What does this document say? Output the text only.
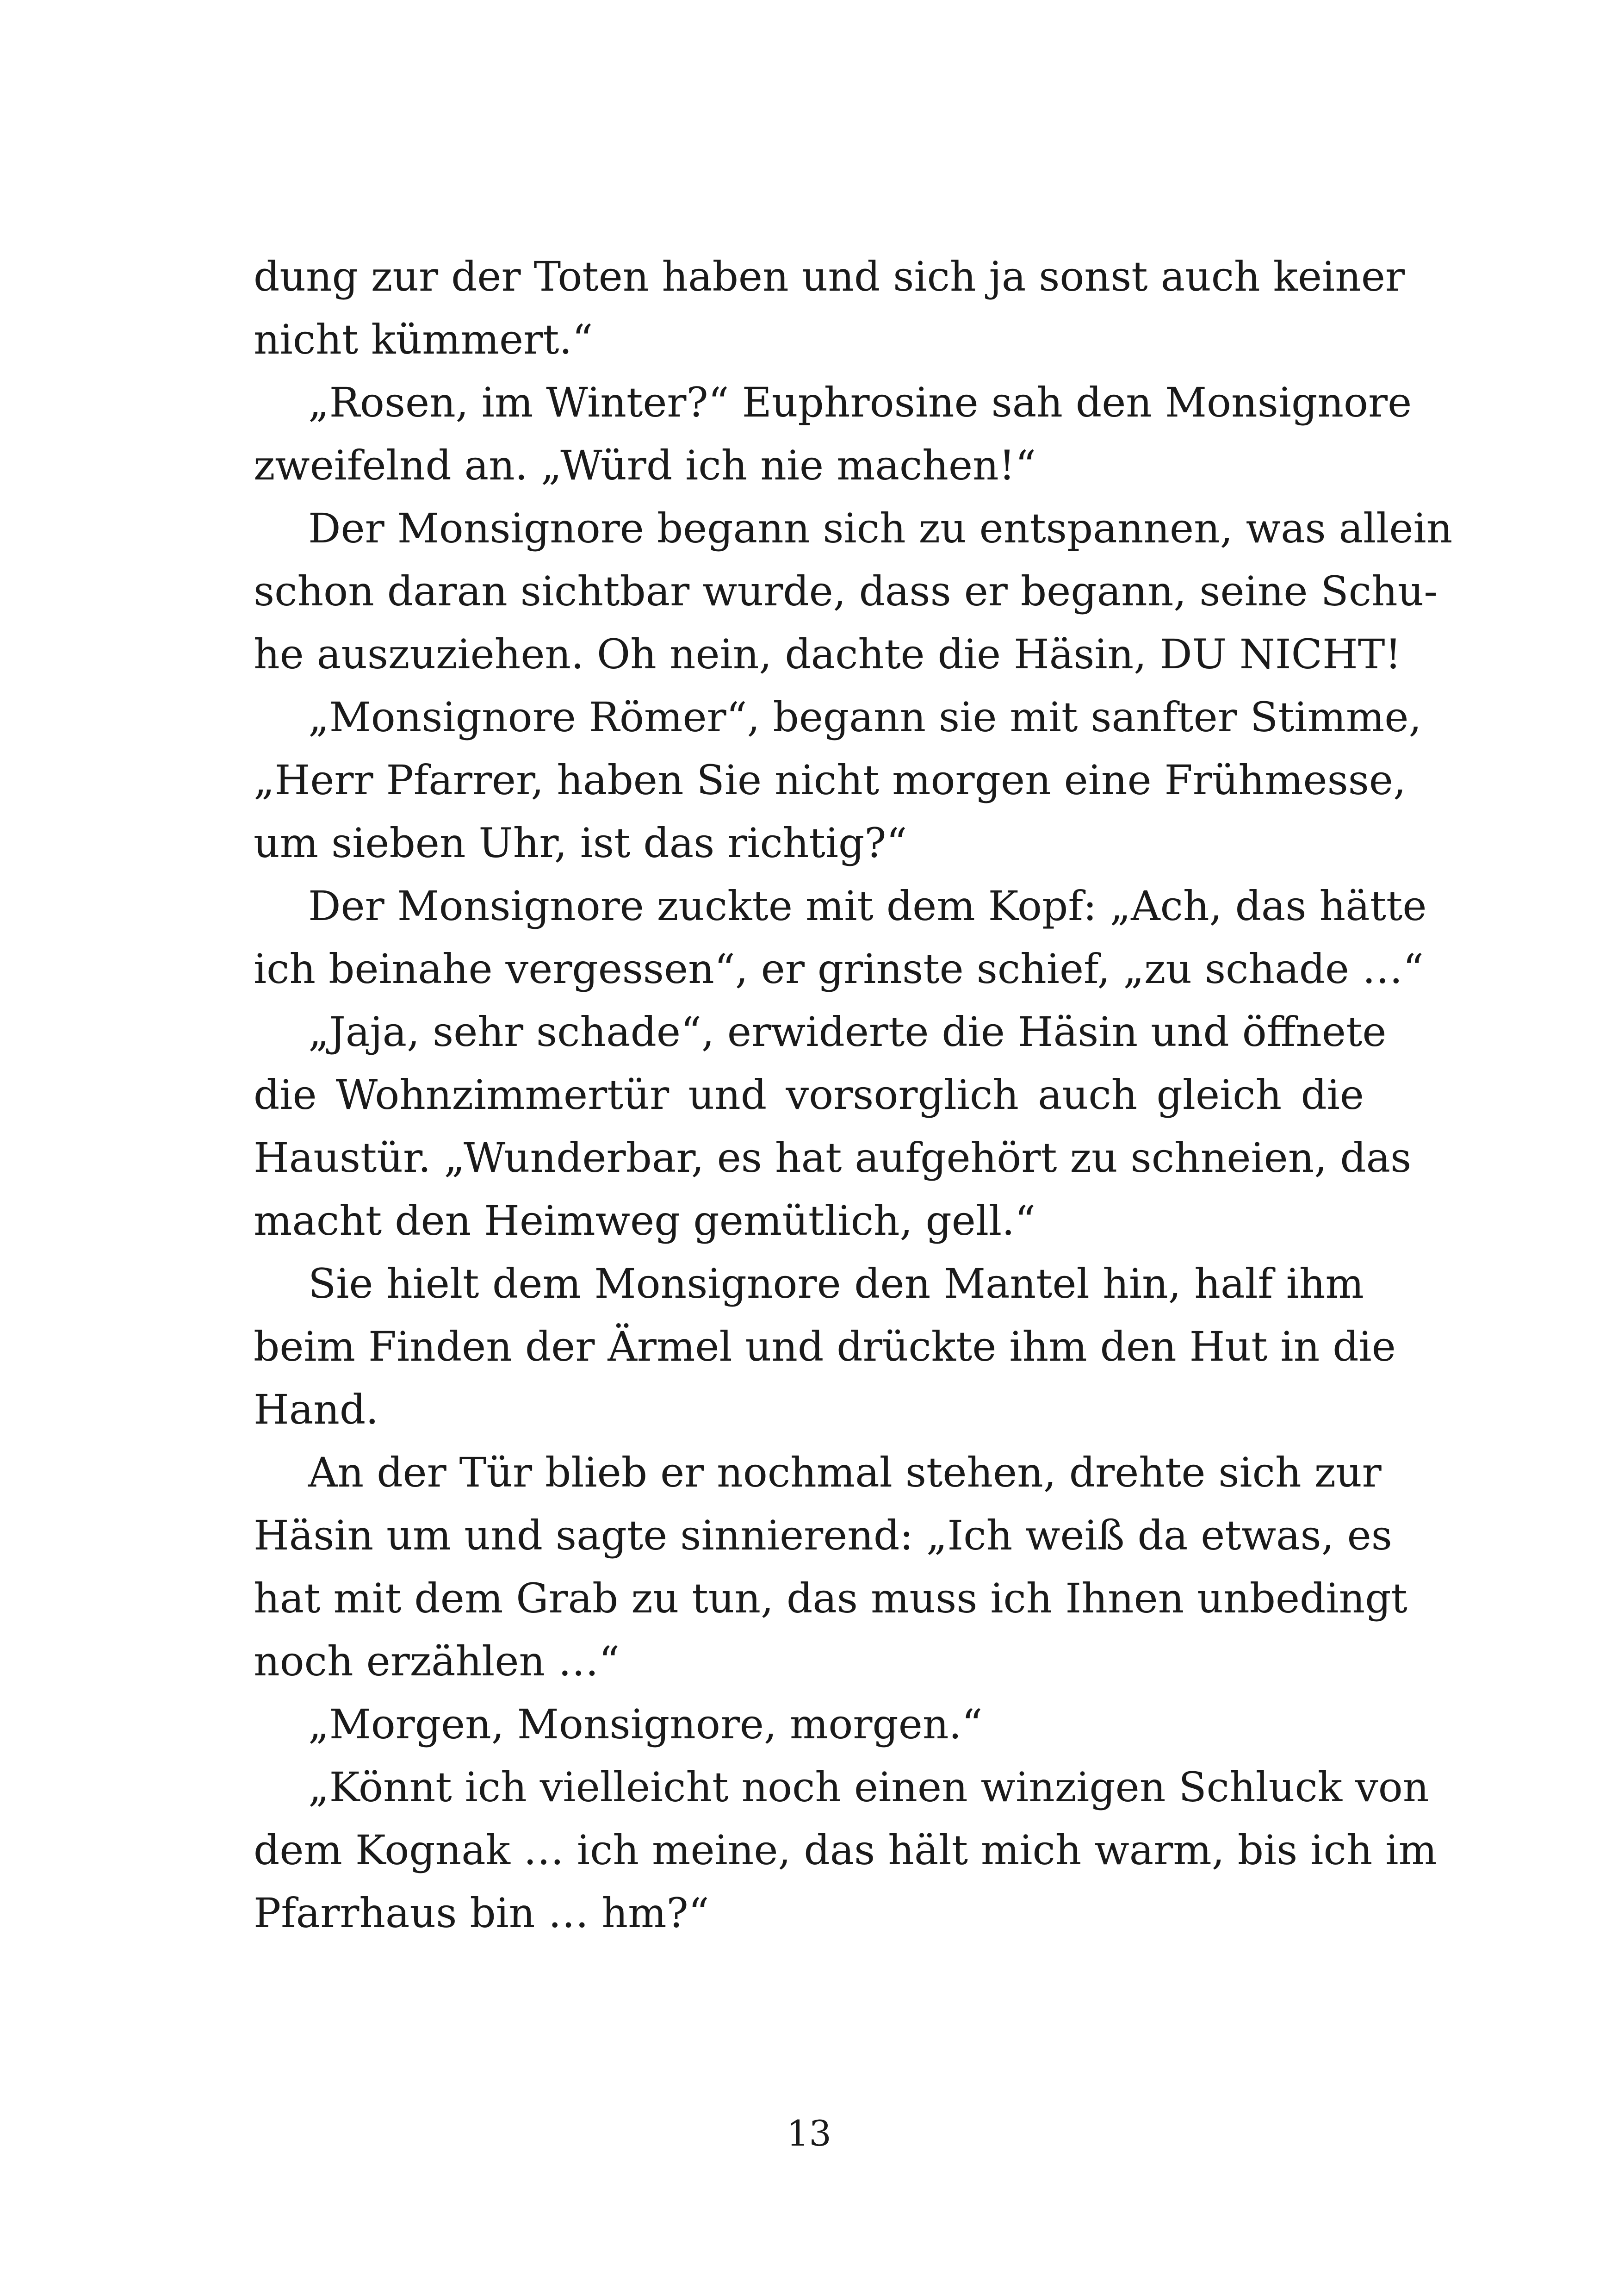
dung zur der Toten haben und sich ja sonst auch keiner
nicht kümmert.“
„Rosen, im Winter?“ Euphrosine sah den Monsignore
zweifelnd an. „Würd ich nie machen!“
Der Monsignore begann sich zu entspannen, was allein
schon daran sichtbar wurde, dass er begann, seine Schu-
he auszuziehen. Oh nein, dachte die Häsin, DU NICHT!
„Monsignore Römer“, begann sie mit sanfter Stimme,
„Herr Pfarrer, haben Sie nicht morgen eine Frühmesse,
um sieben Uhr, ist das richtig?“
Der Monsignore zuckte mit dem Kopf: „Ach, das hätte
ich beinahe vergessen“, er grinste schief, „zu schade …“
„Jaja, sehr schade“, erwiderte die Häsin und öffnete
die Wohnzimmertür und vorsorglich auch gleich die
Haustür. „Wunderbar, es hat aufgehört zu schneien, das
macht den Heimweg gemütlich, gell.“
Sie hielt dem Monsignore den Mantel hin, half ihm
beim Finden der Ärmel und drückte ihm den Hut in die
Hand.
An der Tür blieb er nochmal stehen, drehte sich zur
Häsin um und sagte sinnierend: „Ich weiß da etwas, es
hat mit dem Grab zu tun, das muss ich Ihnen unbedingt
noch erzählen …“
„Morgen, Monsignore, morgen.“
„Könnt ich vielleicht noch einen winzigen Schluck von
dem Kognak … ich meine, das hält mich warm, bis ich im
Pfarrhaus bin … hm?“
13
